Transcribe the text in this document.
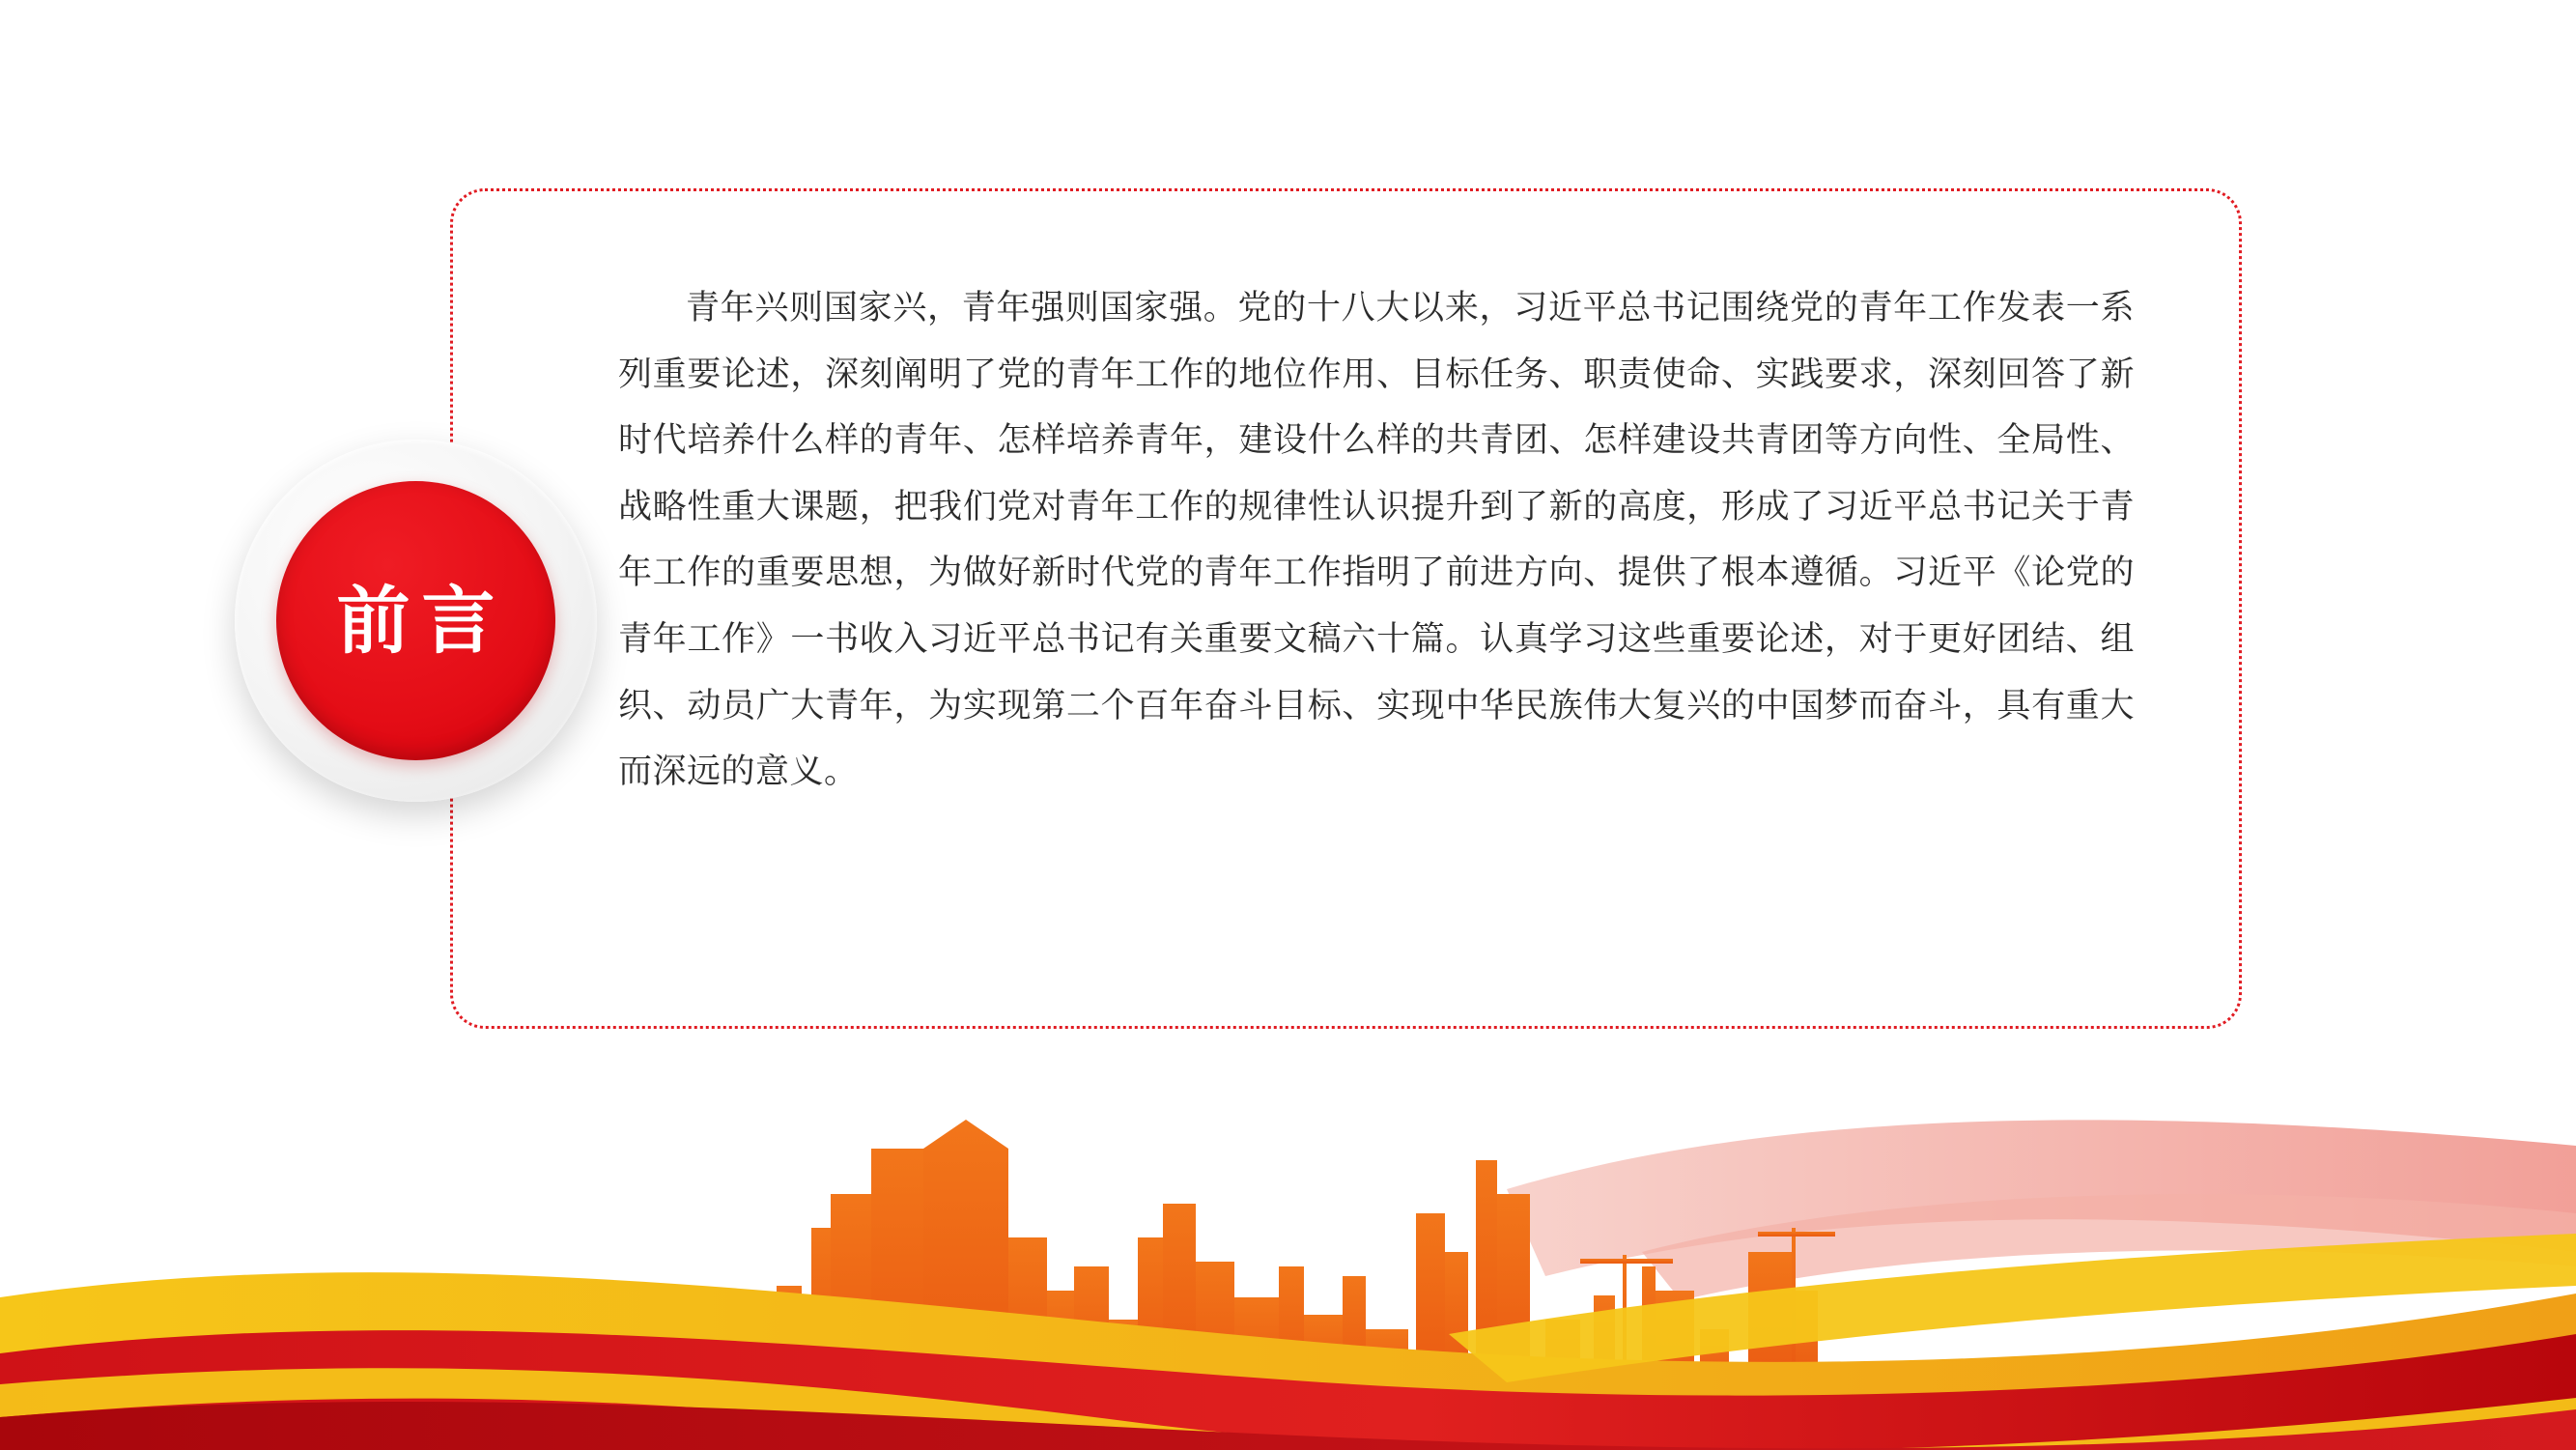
青年兴则国家兴，青年强则国家强。党的十八大以来，习近平总书记围绕党的青年工作发表一系列重要论述，深刻阐明了党的青年工作的地位作用、目标任务、职责使命、实践要求，深刻回答了新时代培养什么样的青年、怎样培养青年，建设什么样的共青团、怎样建设共青团等方向性、全局性、战略性重大课题，把我们党对青年工作的规律性认识提升到了新的高度，形成了习近平总书记关于青年工作的重要思想，为做好新时代党的青年工作指明了前进方向、提供了根本遵循。习近平《论党的青年工作》一书收入习近平总书记有关重要文稿六十篇。认真学习这些重要论述，对于更好团结、组织、动员广大青年，为实现第二个百年奋斗目标、实现中华民族伟大复兴的中国梦而奋斗，具有重大而深远的意义。
前言
